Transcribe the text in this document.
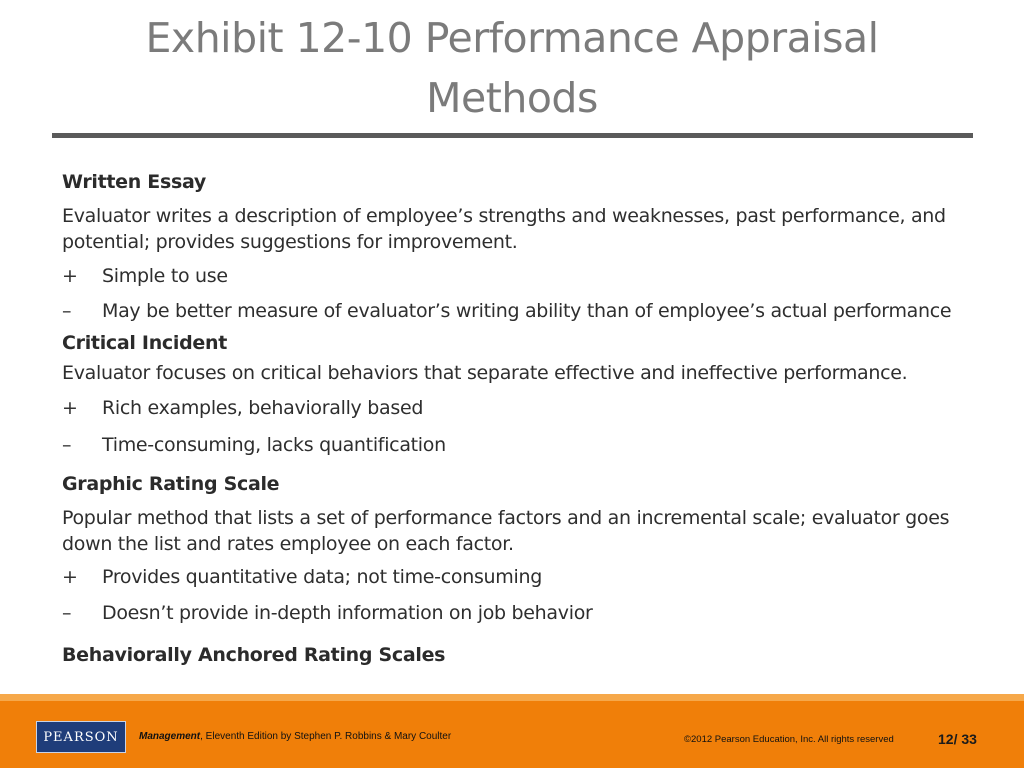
Exhibit 12-10 Performance Appraisal
Methods
Written Essay
Evaluator writes a description of employee’s strengths and weaknesses, past performance, and potential; provides suggestions for improvement.
+	Simple to use
–	May be better measure of evaluator’s writing ability than of employee’s actual performance
Critical Incident
Evaluator focuses on critical behaviors that separate effective and ineffective performance.
+	Rich examples, behaviorally based
–	Time-consuming, lacks quantification
Graphic Rating Scale
Popular method that lists a set of performance factors and an incremental scale; evaluator goes down the list and rates employee on each factor.
+	Provides quantitative data; not time-consuming
–	Doesn’t provide in-depth information on job behavior
Behaviorally Anchored Rating Scales
PEARSON Management, Eleventh Edition by Stephen P. Robbins & Mary Coulter	©2012 Pearson Education, Inc. All rights reserved	12/ 33
